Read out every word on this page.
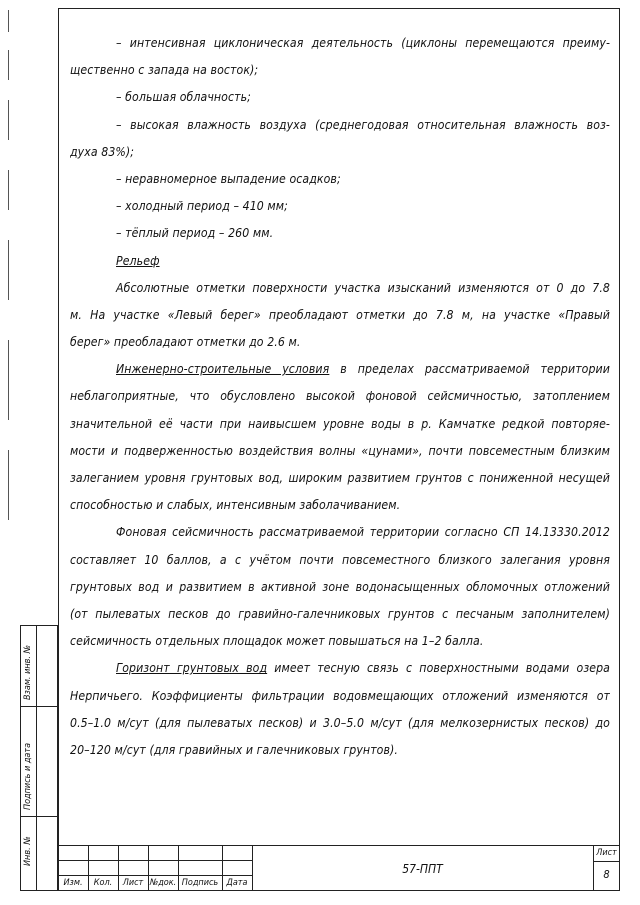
Взам. инв. №
Подпись и дата
Инв. №
– интенсивная циклоническая деятельность (циклоны перемещаются преиму-
щественно с запада на восток);
– большая облачность;
– высокая влажность воздуха (среднегодовая относительная влажность воз-
духа 83%);
– неравномерное выпадение осадков;
– холодный период – 410 мм;
– тёплый период – 260 мм.
Рельеф
Абсолютные отметки поверхности участка изысканий изменяются от 0 до 7.8
м. На участке «Левый берег» преобладают отметки до 7.8 м, на участке «Правый
берег» преобладают отметки до 2.6 м.
Инженерно-строительные условия в пределах рассматриваемой территории
неблагоприятные, что обусловлено высокой фоновой сейсмичностью, затоплением
значительной её части при наивысшем уровне воды в р. Камчатке редкой повторяе-
мости и подверженностью воздействия волны «цунами», почти повсеместным близким
залеганием уровня грунтовых вод, широким развитием грунтов с пониженной несущей
способностью и слабых, интенсивным заболачиванием.
Фоновая сейсмичность рассматриваемой территории согласно СП 14.13330.2012
составляет 10 баллов, а с учётом почти повсеместного близкого залегания уровня
грунтовых вод и развитием в активной зоне водонасыщенных обломочных отложений
(от пылеватых песков до гравийно-галечниковых грунтов с песчаным заполнителем)
сейсмичность отдельных площадок может повышаться на 1–2 балла.
Горизонт грунтовых вод имеет тесную связь с поверхностными водами озера
Нерпичьего. Коэффициенты фильтрации водовмещающих отложений изменяются от
0.5–1.0 м/сут (для пылеватых песков) и 3.0–5.0 м/сут (для мелкозернистых песков) до
20–120 м/сут (для гравийных и галечниковых грунтов).
Изм.	Кол.	Лист №док. Подпись Дата
57-ППТ
Лист
8
